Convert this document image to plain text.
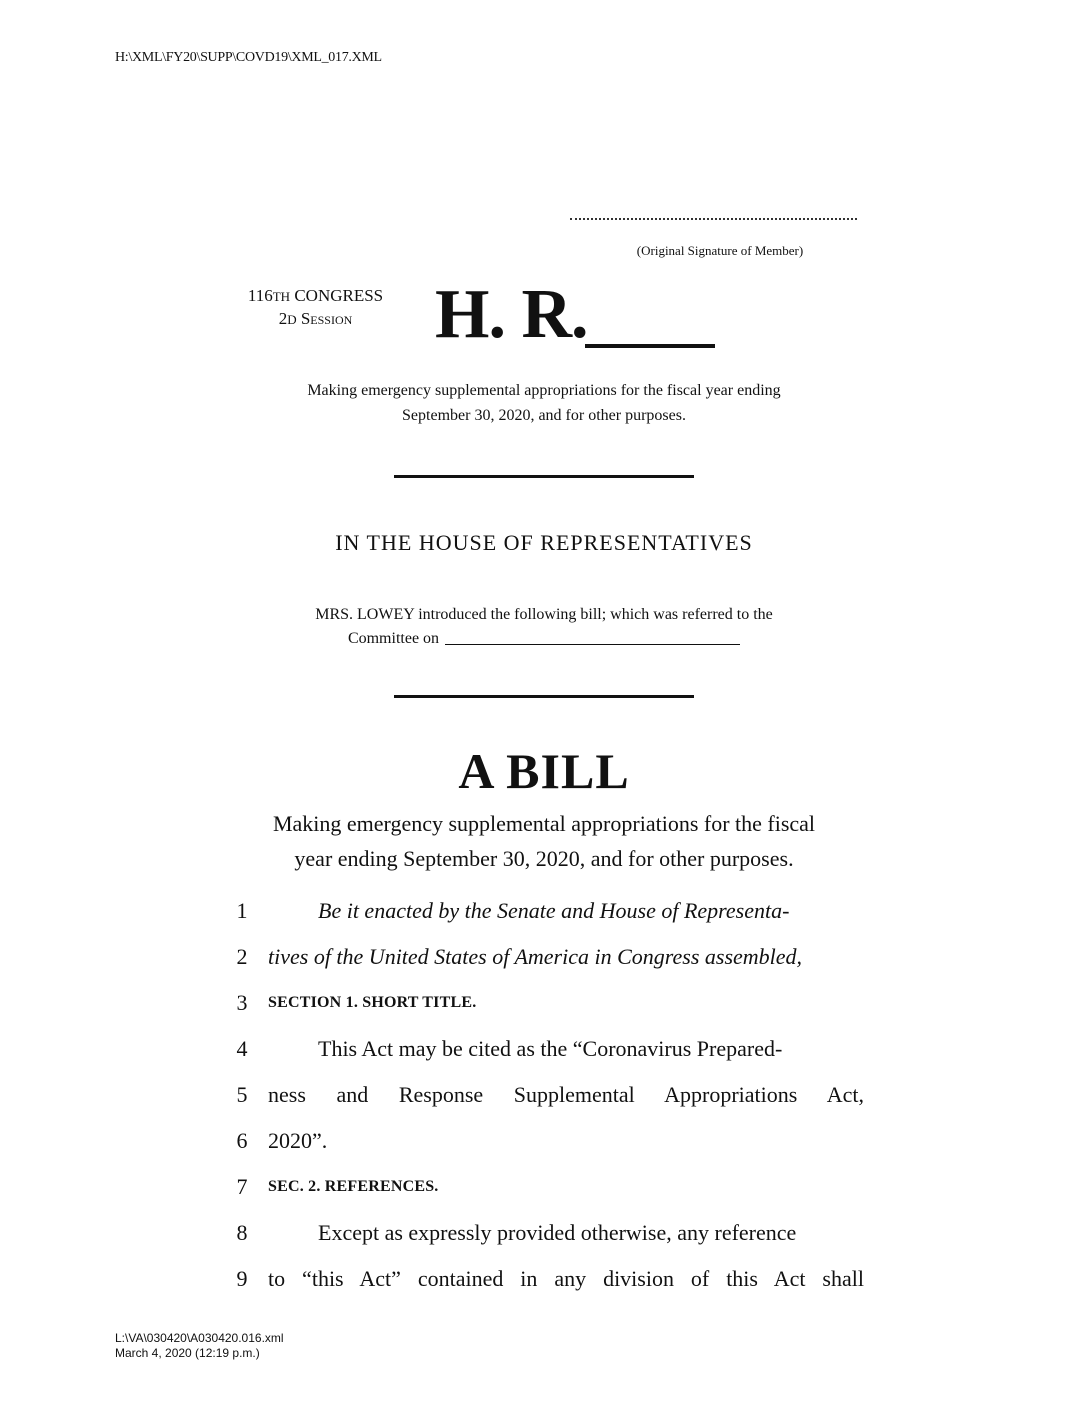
H:\XML\FY20\SUPP\COVD19\XML_017.XML
(Original Signature of Member)
116TH CONGRESS
2D Session	H. R.
Making emergency supplemental appropriations for the fiscal year ending
September 30, 2020, and for other purposes.
IN THE HOUSE OF REPRESENTATIVES
MRS. LOWEY introduced the following bill; which was referred to the
Committee on
A BILL
Making emergency supplemental appropriations for the fiscal
year ending September 30, 2020, and for other purposes.
1	Be it enacted by the Senate and House of Representa-
2 tives of the United States of America in Congress assembled,
3	SECTION 1. SHORT TITLE.
4	This Act may be cited as the “Coronavirus Prepared-
5 ness and Response Supplemental Appropriations Act,
6 2020”.
7	SEC. 2. REFERENCES.
8	Except as expressly provided otherwise, any reference
9 to “this Act” contained in any division of this Act shall
L:\VA\030420\A030420.016.xml
March 4, 2020 (12:19 p.m.)
